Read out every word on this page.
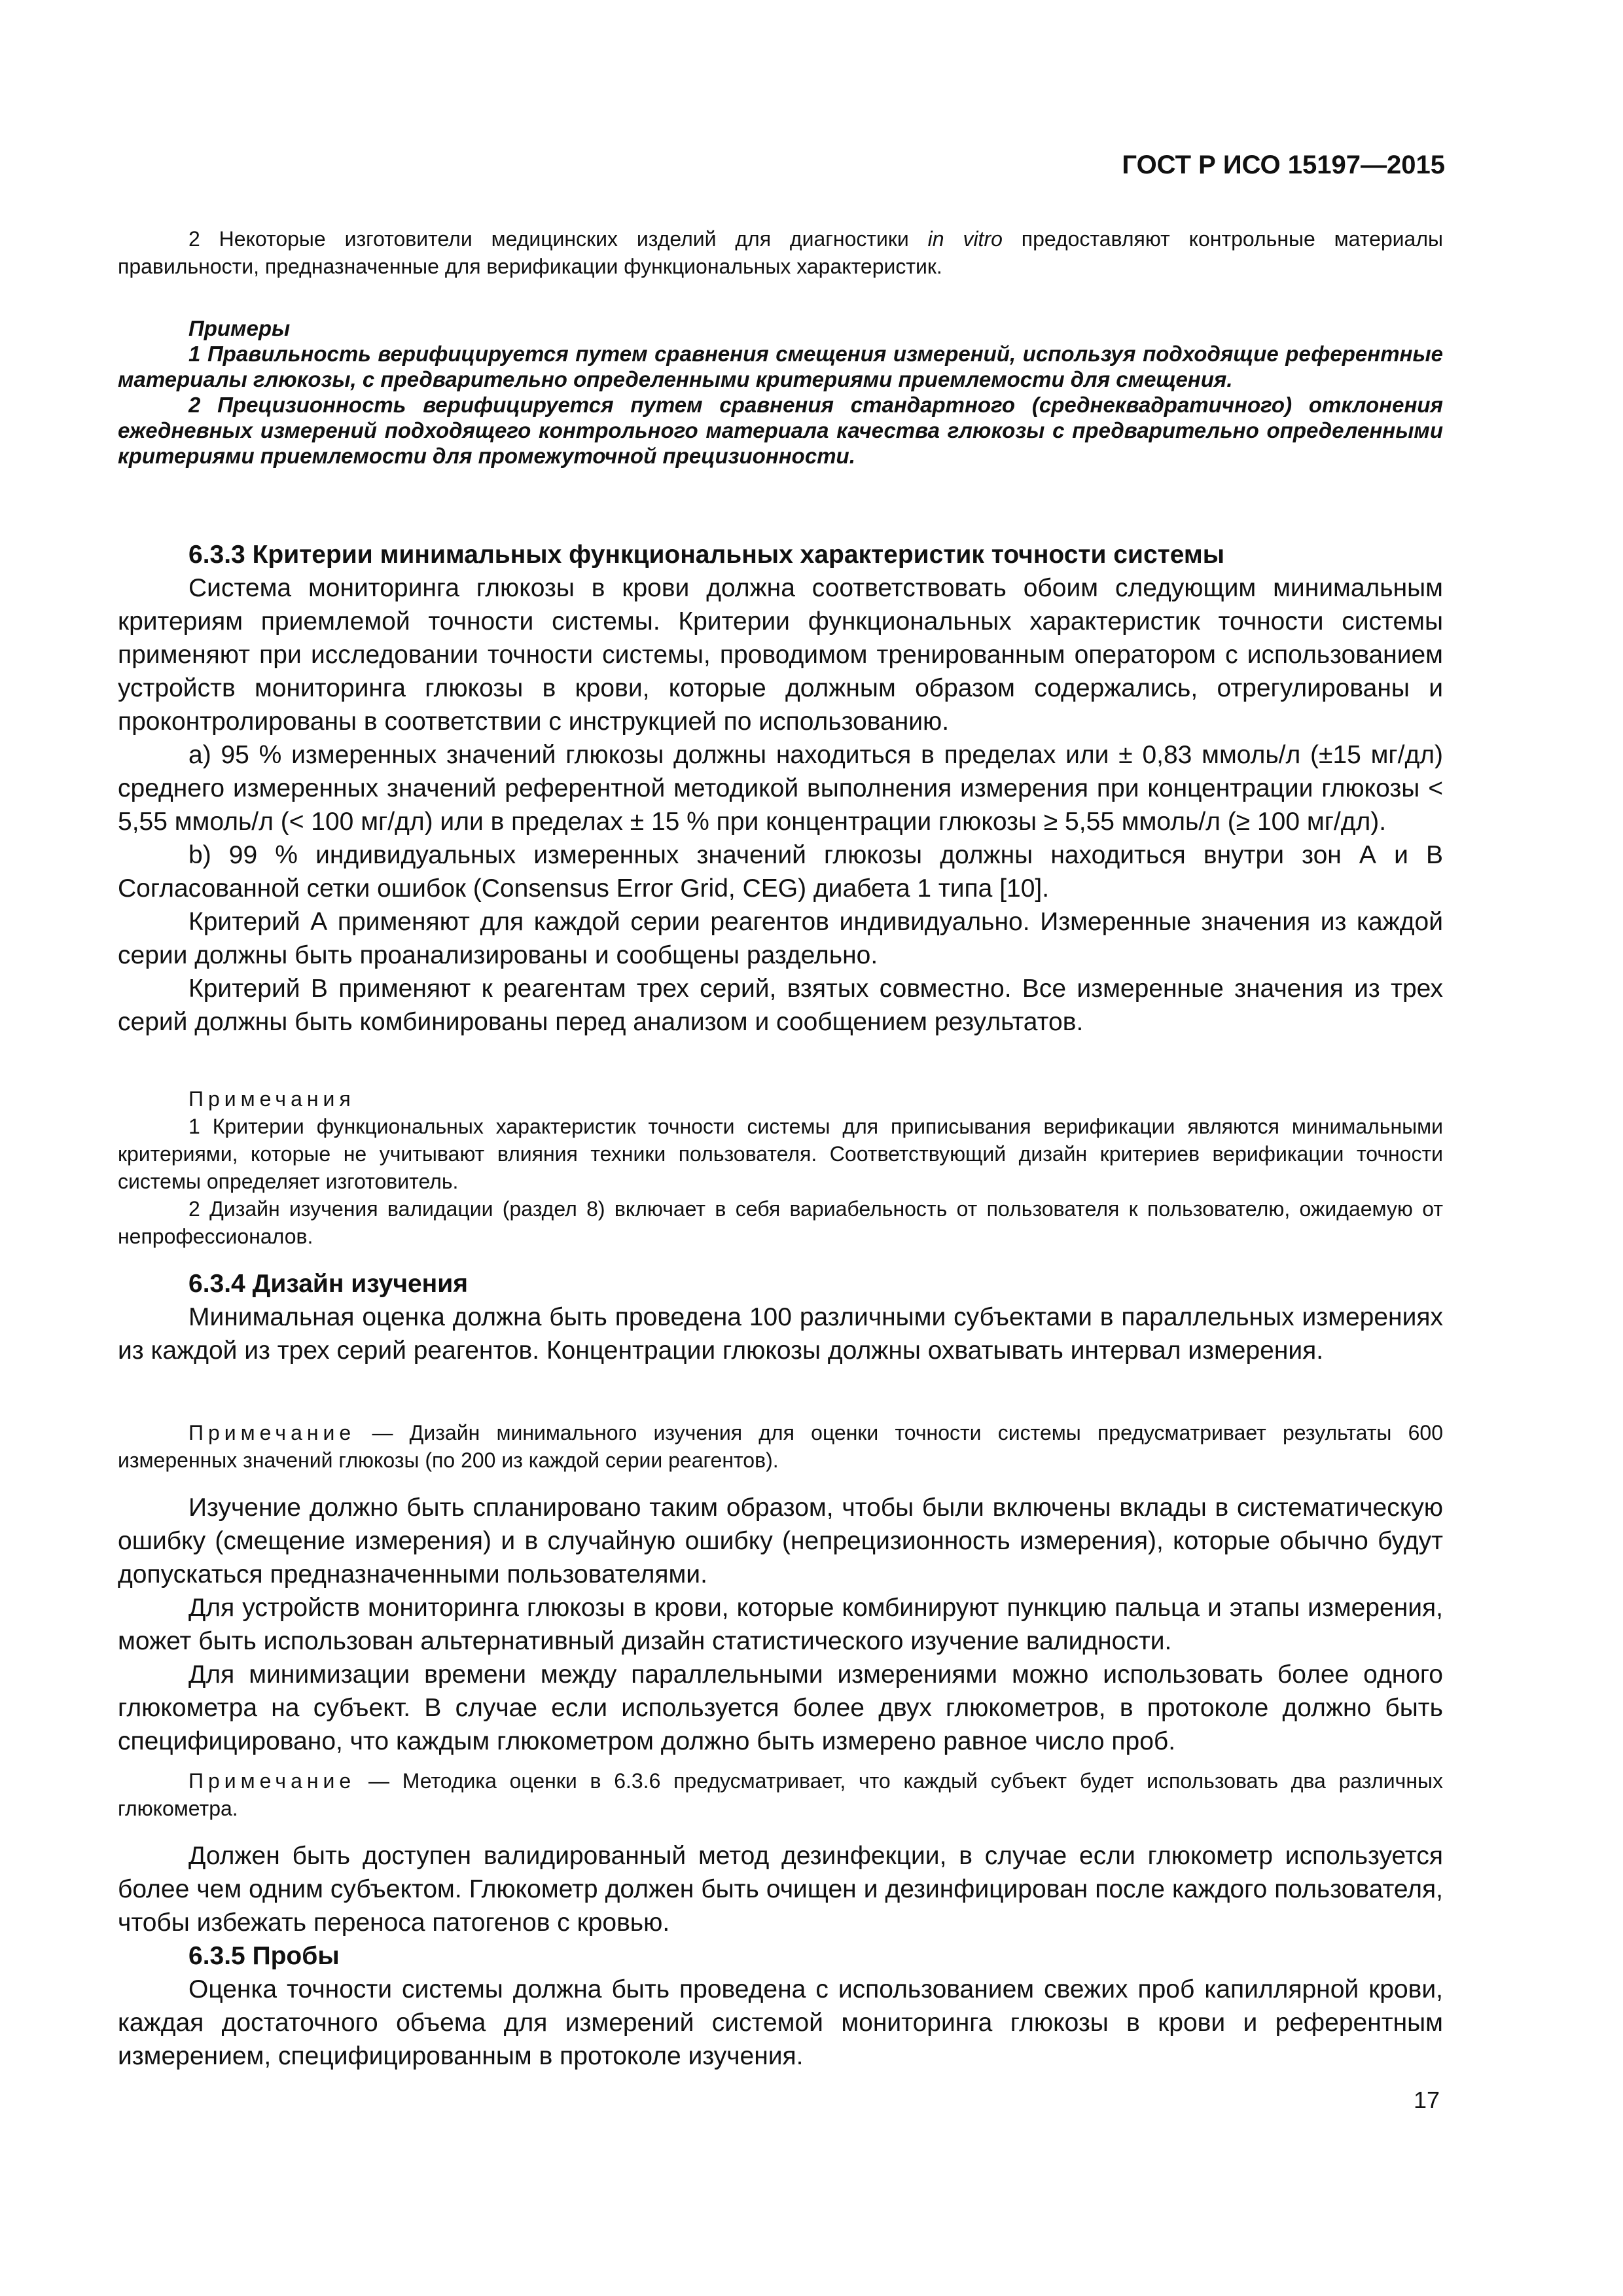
ГОСТ Р ИСО 15197—2015

2 Некоторые изготовители медицинских изделий для диагностики in vitro предоставляют контрольные материалы правильности, предназначенные для верификации функциональных характеристик.

Примеры

1 Правильность верифицируется путем сравнения смещения измерений, используя подходящие референтные материалы глюкозы, с предварительно определенными критериями приемлемости для смещения.

2 Прецизионность верифицируется путем сравнения стандартного (среднеквадратичного) отклонения ежедневных измерений подходящего контрольного материала качества глюкозы с предварительно определенными критериями приемлемости для промежуточной прецизионности.

6.3.3 Критерии минимальных функциональных характеристик точности системы

Система мониторинга глюкозы в крови должна соответствовать обоим следующим минимальным критериям приемлемой точности системы. Критерии функциональных характеристик точности системы применяют при исследовании точности системы, проводимом тренированным оператором с использованием устройств мониторинга глюкозы в крови, которые должным образом содержались, отрегулированы и проконтролированы в соответствии с инструкцией по использованию.

a) 95 % измеренных значений глюкозы должны находиться в пределах или ± 0,83 ммоль/л (±15 мг/дл) среднего измеренных значений референтной методикой выполнения измерения при концентрации глюкозы < 5,55 ммоль/л (< 100 мг/дл) или в пределах ± 15 % при концентрации глюкозы ≥ 5,55 ммоль/л (≥ 100 мг/дл).

b) 99 % индивидуальных измеренных значений глюкозы должны находиться внутри зон А и В Согласованной сетки ошибок (Consensus Error Grid, CEG) диабета 1 типа [10].

Критерий А применяют для каждой серии реагентов индивидуально. Измеренные значения из каждой серии должны быть проанализированы и сообщены раздельно.

Критерий В применяют к реагентам трех серий, взятых совместно. Все измеренные значения из трех серий должны быть комбинированы перед анализом и сообщением результатов.

Примечания

1 Критерии функциональных характеристик точности системы для приписывания верификации являются минимальными критериями, которые не учитывают влияния техники пользователя. Соответствующий дизайн критериев верификации точности системы определяет изготовитель.

2 Дизайн изучения валидации (раздел 8) включает в себя вариабельность от пользователя к пользователю, ожидаемую от непрофессионалов.

6.3.4 Дизайн изучения

Минимальная оценка должна быть проведена 100 различными субъектами в параллельных измерениях из каждой из трех серий реагентов. Концентрации глюкозы должны охватывать интервал измерения.

Примечание — Дизайн минимального изучения для оценки точности системы предусматривает результаты 600 измеренных значений глюкозы (по 200 из каждой серии реагентов).

Изучение должно быть спланировано таким образом, чтобы были включены вклады в систематическую ошибку (смещение измерения) и в случайную ошибку (непрецизионность измерения), которые обычно будут допускаться предназначенными пользователями.

Для устройств мониторинга глюкозы в крови, которые комбинируют пункцию пальца и этапы измерения, может быть использован альтернативный дизайн статистического изучение валидности.

Для минимизации времени между параллельными измерениями можно использовать более одного глюкометра на субъект. В случае если используется более двух глюкометров, в протоколе должно быть специфицировано, что каждым глюкометром должно быть измерено равное число проб.

Примечание — Методика оценки в 6.3.6 предусматривает, что каждый субъект будет использовать два различных глюкометра.

Должен быть доступен валидированный метод дезинфекции, в случае если глюкометр используется более чем одним субъектом. Глюкометр должен быть очищен и дезинфицирован после каждого пользователя, чтобы избежать переноса патогенов с кровью.

6.3.5 Пробы

Оценка точности системы должна быть проведена с использованием свежих проб капиллярной крови, каждая достаточного объема для измерений системой мониторинга глюкозы в крови и референтным измерением, специфицированным в протоколе изучения.

17
